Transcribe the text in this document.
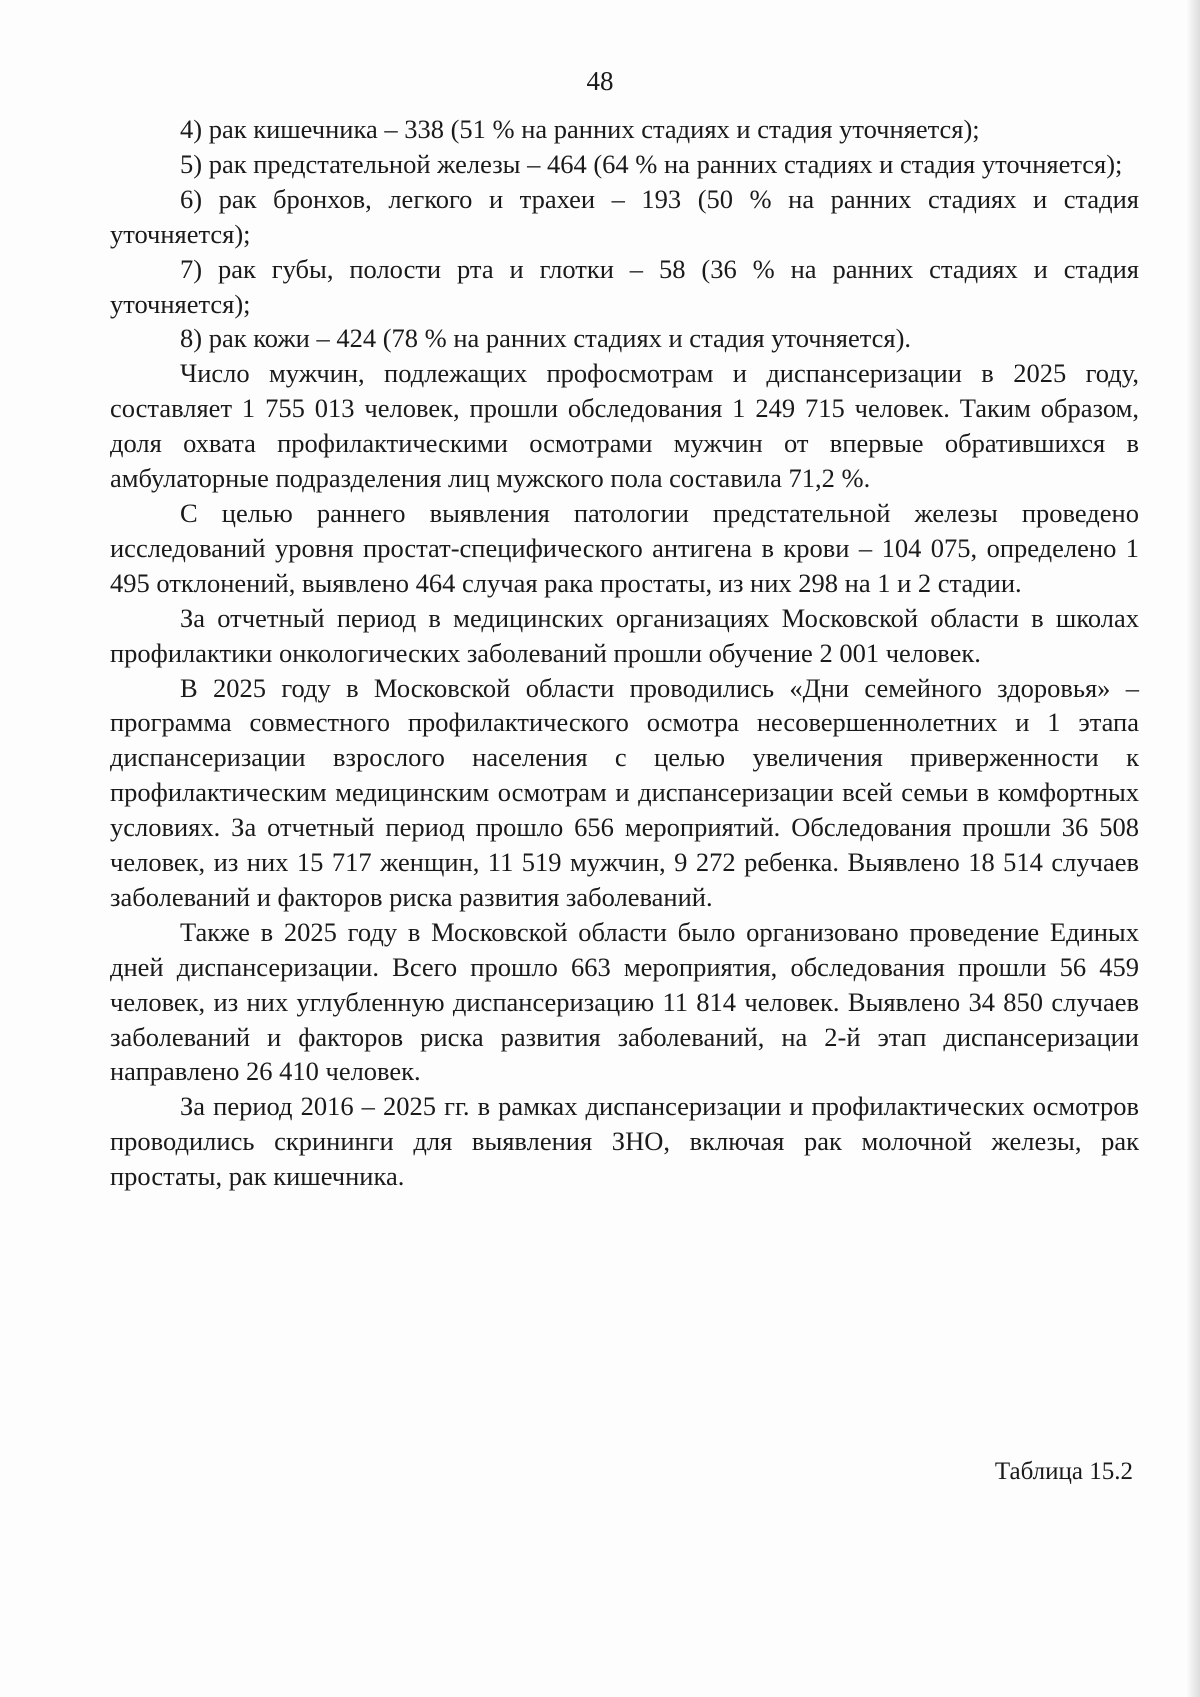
48

4) рак кишечника – 338 (51 % на ранних стадиях и стадия уточняется);

5) рак предстательной железы – 464 (64 % на ранних стадиях и стадия уточняется);

6) рак бронхов, легкого и трахеи – 193 (50 % на ранних стадиях и стадия уточняется);

7) рак губы, полости рта и глотки – 58 (36 % на ранних стадиях и стадия уточняется);

8) рак кожи – 424 (78 % на ранних стадиях и стадия уточняется).

Число мужчин, подлежащих профосмотрам и диспансеризации в 2025 году, составляет 1 755 013 человек, прошли обследования 1 249 715 человек. Таким образом, доля охвата профилактическими осмотрами мужчин от впервые обратившихся в амбулаторные подразделения лиц мужского пола составила 71,2 %.

С целью раннего выявления патологии предстательной железы проведено исследований уровня простат-специфического антигена в крови – 104 075, определено 1 495 отклонений, выявлено 464 случая рака простаты, из них 298 на 1 и 2 стадии.

За отчетный период в медицинских организациях Московской области в школах профилактики онкологических заболеваний прошли обучение 2 001 человек.

В 2025 году в Московской области проводились «Дни семейного здоровья» – программа совместного профилактического осмотра несовершеннолетних и 1 этапа диспансеризации взрослого населения с целью увеличения приверженности к профилактическим медицинским осмотрам и диспансеризации всей семьи в комфортных условиях. За отчетный период прошло 656 мероприятий. Обследования прошли 36 508 человек, из них 15 717 женщин, 11 519 мужчин, 9 272 ребенка. Выявлено 18 514 случаев заболеваний и факторов риска развития заболеваний.

Также в 2025 году в Московской области было организовано проведение Единых дней диспансеризации. Всего прошло 663 мероприятия, обследования прошли 56 459 человек, из них углубленную диспансеризацию 11 814 человек. Выявлено 34 850 случаев заболеваний и факторов риска развития заболеваний, на 2-й этап диспансеризации направлено 26 410 человек.

За период 2016 – 2025 гг. в рамках диспансеризации и профилактических осмотров проводились скрининги для выявления ЗНО, включая рак молочной железы, рак простаты, рак кишечника.

Таблица 15.2
